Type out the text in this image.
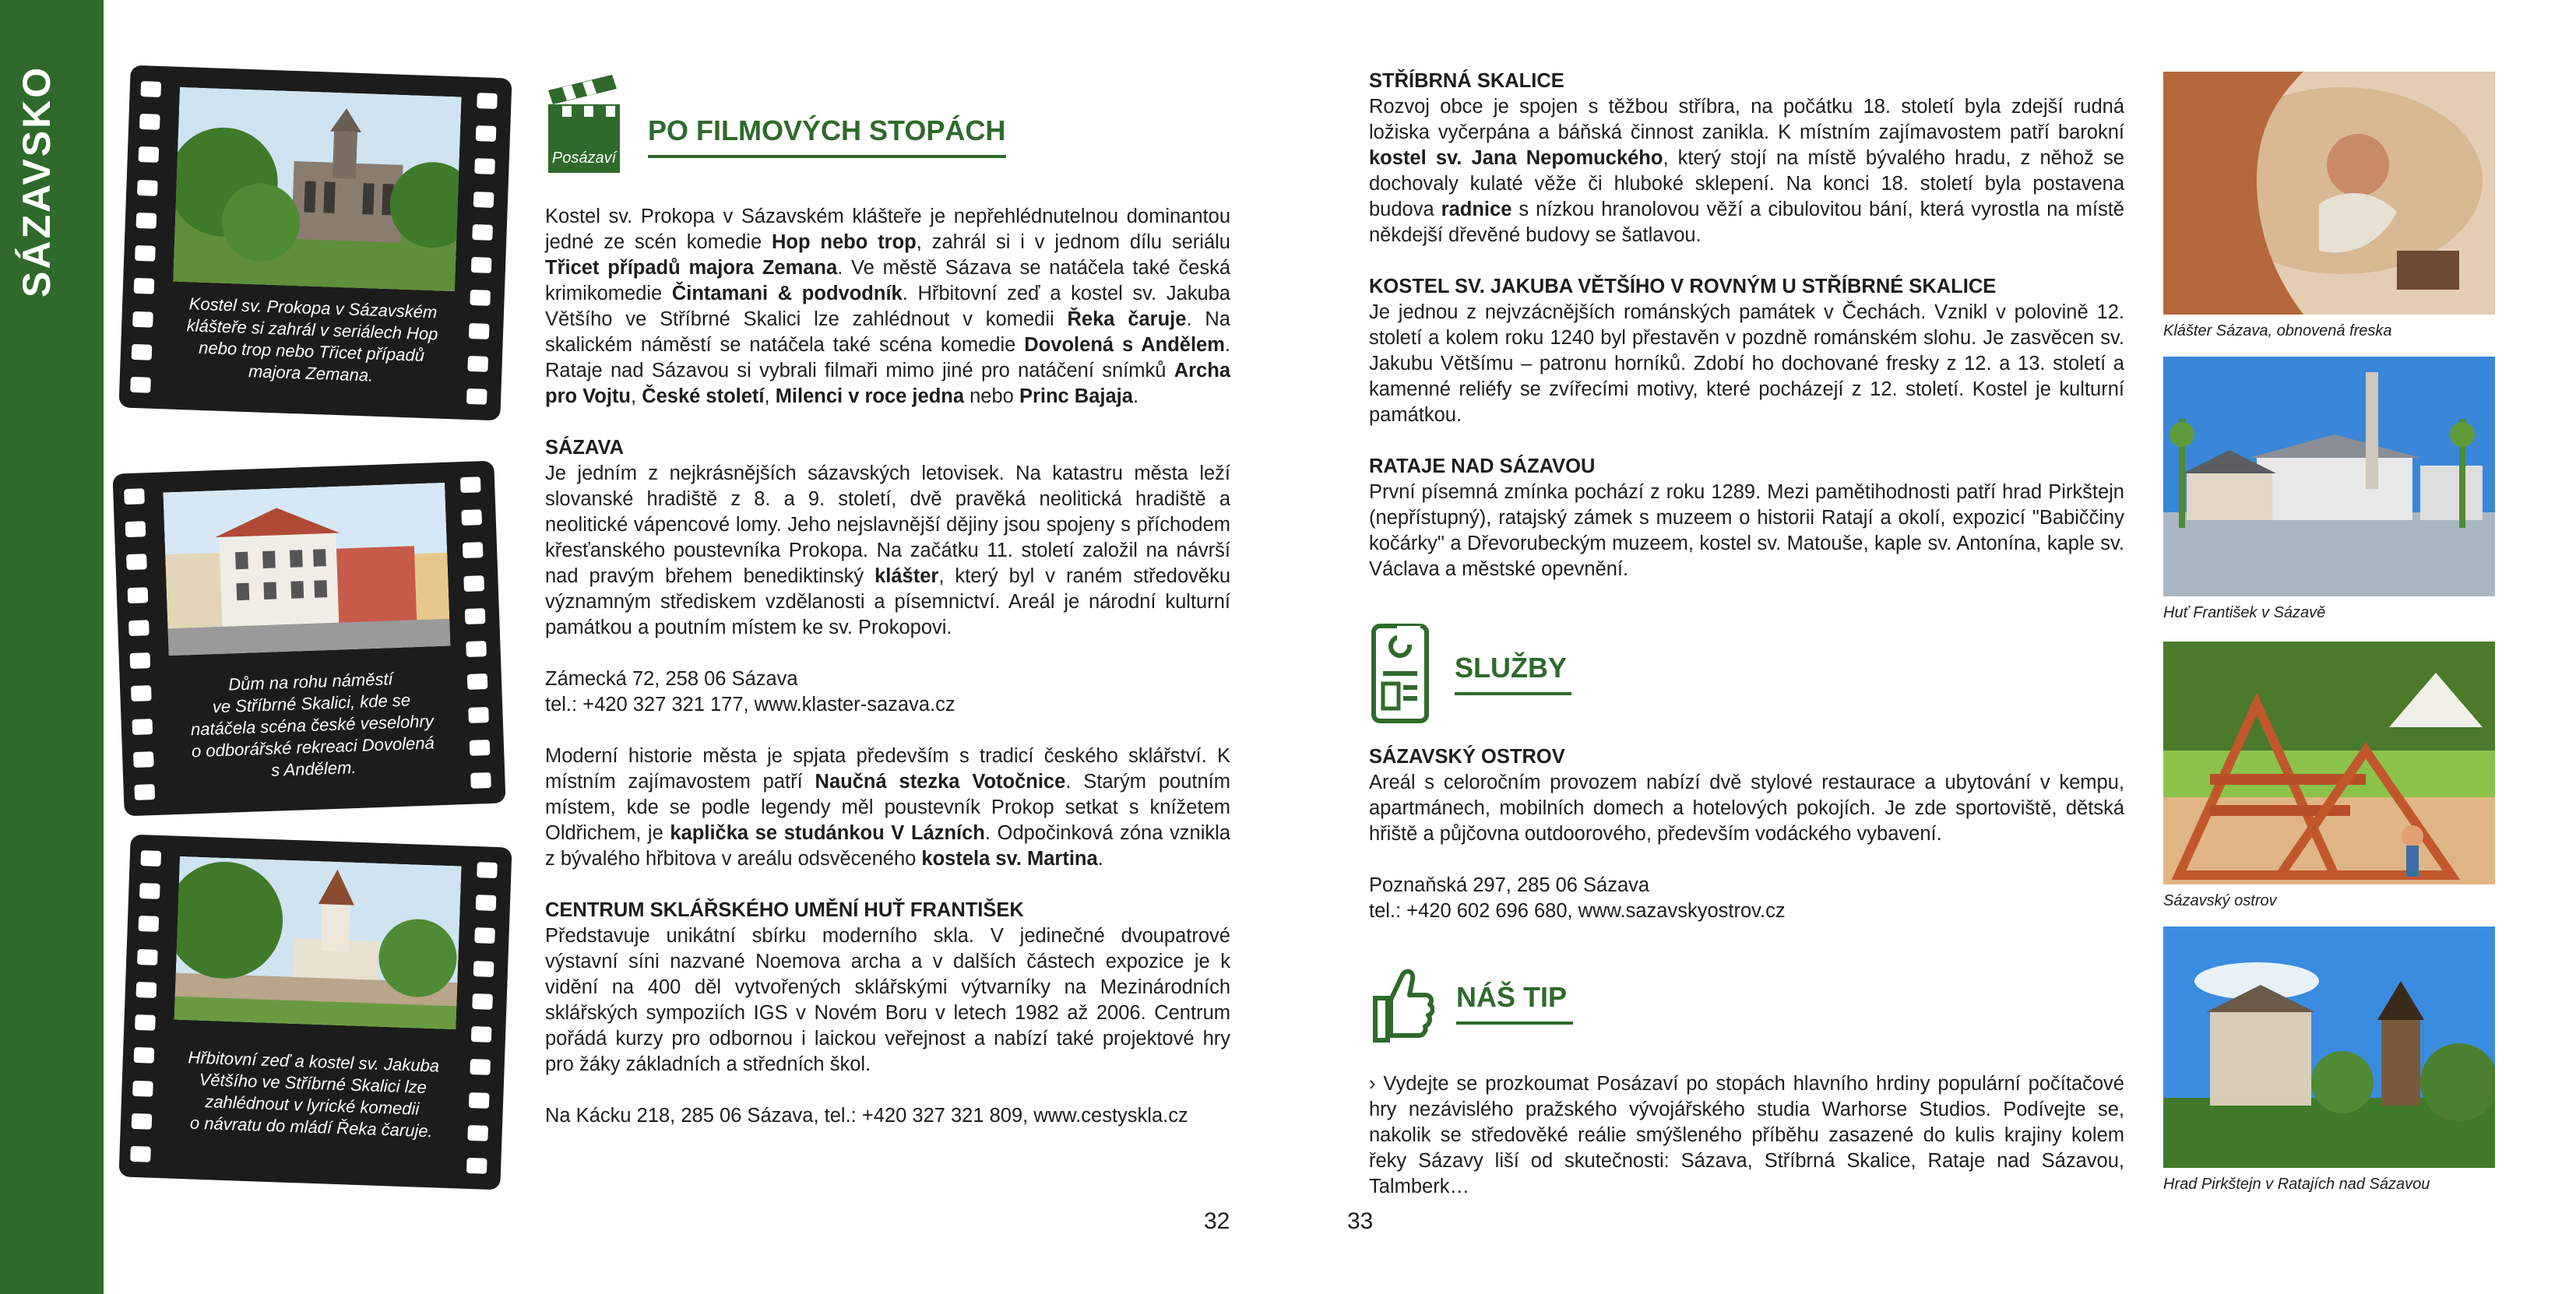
SÁZAVSKO
Kostel sv. Prokopa v Sázavském
klášteře si zahrál v seriálech Hop
nebo trop nebo Třicet případů
majora Zemana.
Dům na rohu náměstí
ve Stříbrné Skalici, kde se
natáčela scéna české veselohry
o odborářské rekreaci Dovolená
s Andělem.
Hřbitovní zeď a kostel sv. Jakuba
Většího ve Stříbrné Skalici lze
zahlédnout v lyrické komedii
o návratu do mládí Řeka čaruje.
Posázaví
PO FILMOVÝCH STOPÁCH

Kostel sv. Prokopa v Sázavském klášteře je nepřehlédnutelnou dominantou jedné ze scén komedie Hop nebo trop, zahrál si i v jednom dílu seriálu Třicet případů majora Zemana. Ve městě Sázava se natáčela také česká krimikomedie Čintamani & podvodník. Hřbitovní zeď a kostel sv. Jakuba Většího ve Stříbrné Skalici lze zahlédnout v komedii Řeka čaruje. Na skalickém náměstí se natáčela také scéna komedie Dovolená s Andělem. Rataje nad Sázavou si vybrali filmaři mimo jiné pro natáčení snímků Archa pro Vojtu, České století, Milenci v roce jedna nebo Princ Bajaja.

SÁZAVA

Je jedním z nejkrásnějších sázavských letovisek. Na katastru města leží slovanské hradiště z 8. a 9. století, dvě pravěká neolitická hradiště a neolitické vápencové lomy. Jeho nejslavnější dějiny jsou spojeny s příchodem křesťanského poustevníka Prokopa. Na začátku 11. století založil na návrší nad pravým břehem benediktinský klášter, který byl v raném středověku významným střediskem vzdělanosti a písemnictví. Areál je národní kulturní památkou a poutním místem ke sv. Prokopovi.

Zámecká 72, 258 06 Sázava

tel.: +420 327 321 177, www.klaster-sazava.cz

Moderní historie města je spjata především s tradicí českého sklářství. K místním zajímavostem patří Naučná stezka Votočnice. Starým poutním místem, kde se podle legendy měl poustevník Prokop setkat s knížetem Oldřichem, je kaplička se studánkou V Lázních. Odpočinková zóna vznikla z bývalého hřbitova v areálu odsvěceného kostela sv. Martina.

CENTRUM SKLÁŘSKÉHO UMĚNÍ HUŤ FRANTIŠEK

Představuje unikátní sbírku moderního skla. V jedinečné dvoupatrové výstavní síni nazvané Noemova archa a v dalších částech expozice je k vidění na 400 děl vytvořených sklářskými výtvarníky na Mezinárodních sklářských sympoziích IGS v Novém Boru v letech 1982 až 2006. Centrum pořádá kurzy pro odbornou i laickou veřejnost a nabízí také projektové hry pro žáky základních a středních škol.

Na Kácku 218, 285 06 Sázava, tel.: +420 327 321 809, www.cestyskla.cz

STŘÍBRNÁ SKALICE

Rozvoj obce je spojen s těžbou stříbra, na počátku 18. století byla zdejší rudná ložiska vyčerpána a báňská činnost zanikla. K místním zajímavostem patří barokní kostel sv. Jana Nepomuckého, který stojí na místě bývalého hradu, z něhož se dochovaly kulaté věže či hluboké sklepení. Na konci 18. století byla postavena budova radnice s nízkou hranolovou věží a cibulovitou bání, která vyrostla na místě někdejší dřevěné budovy se šatlavou.

KOSTEL SV. JAKUBA VĚTŠÍHO V ROVNÝM U STŘÍBRNÉ SKALICE

Je jednou z nejvzácnějších románských památek v Čechách. Vznikl v polovině 12. století a kolem roku 1240 byl přestavěn v pozdně románském slohu. Je zasvěcen sv. Jakubu Většímu – patronu horníků. Zdobí ho dochované fresky z 12. a 13. století a kamenné reliéfy se zvířecími motivy, které pocházejí z 12. století. Kostel je kulturní památkou.

RATAJE NAD SÁZAVOU

První písemná zmínka pochází z roku 1289. Mezi pamětihodnosti patří hrad Pirkštejn (nepřístupný), ratajský zámek s muzeem o historii Ratají a okolí, expozicí "Babiččiny kočárky" a Dřevorubeckým muzeem, kostel sv. Matouše, kaple sv. Antonína, kaple sv. Václava a městské opevnění.

SLUŽBY
SÁZAVSKÝ OSTROV

Areál s celoročním provozem nabízí dvě stylové restaurace a ubytování v kempu, apartmánech, mobilních domech a hotelových pokojích. Je zde sportoviště, dětská hřiště a půjčovna outdoorového, především vodáckého vybavení.

Poznaňská 297, 285 06 Sázava

tel.: +420 602 696 680, www.sazavskyostrov.cz

NÁŠ TIP

› Vydejte se prozkoumat Posázaví po stopách hlavního hrdiny populární počítačové hry nezávislého pražského vývojářského studia Warhorse Studios. Podívejte se, nakolik se středověké reálie smýšleného příběhu zasazené do kulis krajiny kolem řeky Sázavy liší od skutečnosti: Sázava, Stříbrná Skalice, Rataje nad Sázavou, Talmberk…

Klášter Sázava, obnovená freska
Huť František v Sázavě
Sázavský ostrov
Hrad Pirkštejn v Ratajích nad Sázavou
32	33
